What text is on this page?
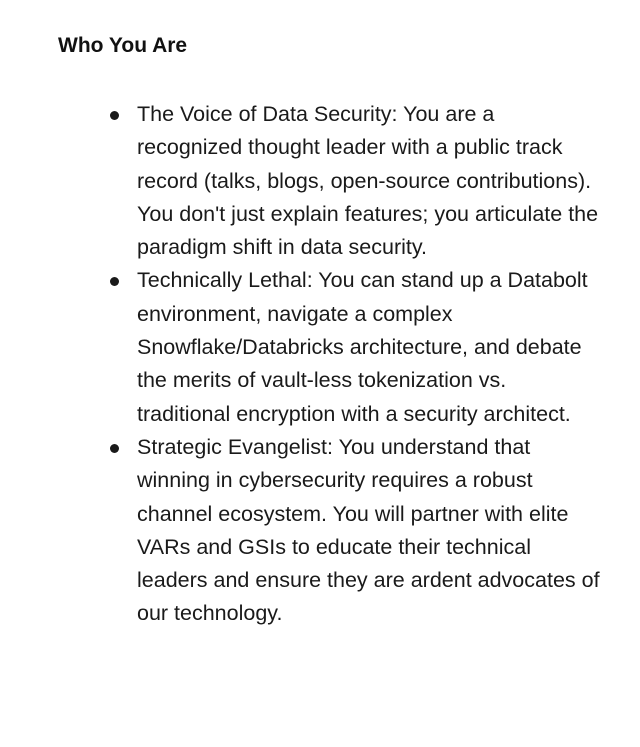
Who You Are
The Voice of Data Security: You are a recognized thought leader with a public track record (talks, blogs, open-source contributions). You don't just explain features; you articulate the paradigm shift in data security.
Technically Lethal: You can stand up a Databolt environment, navigate a complex Snowflake/Databricks architecture, and debate the merits of vault-less tokenization vs. traditional encryption with a security architect.
Strategic Evangelist: You understand that winning in cybersecurity requires a robust channel ecosystem. You will partner with elite VARs and GSIs to educate their technical leaders and ensure they are ardent advocates of our technology.
